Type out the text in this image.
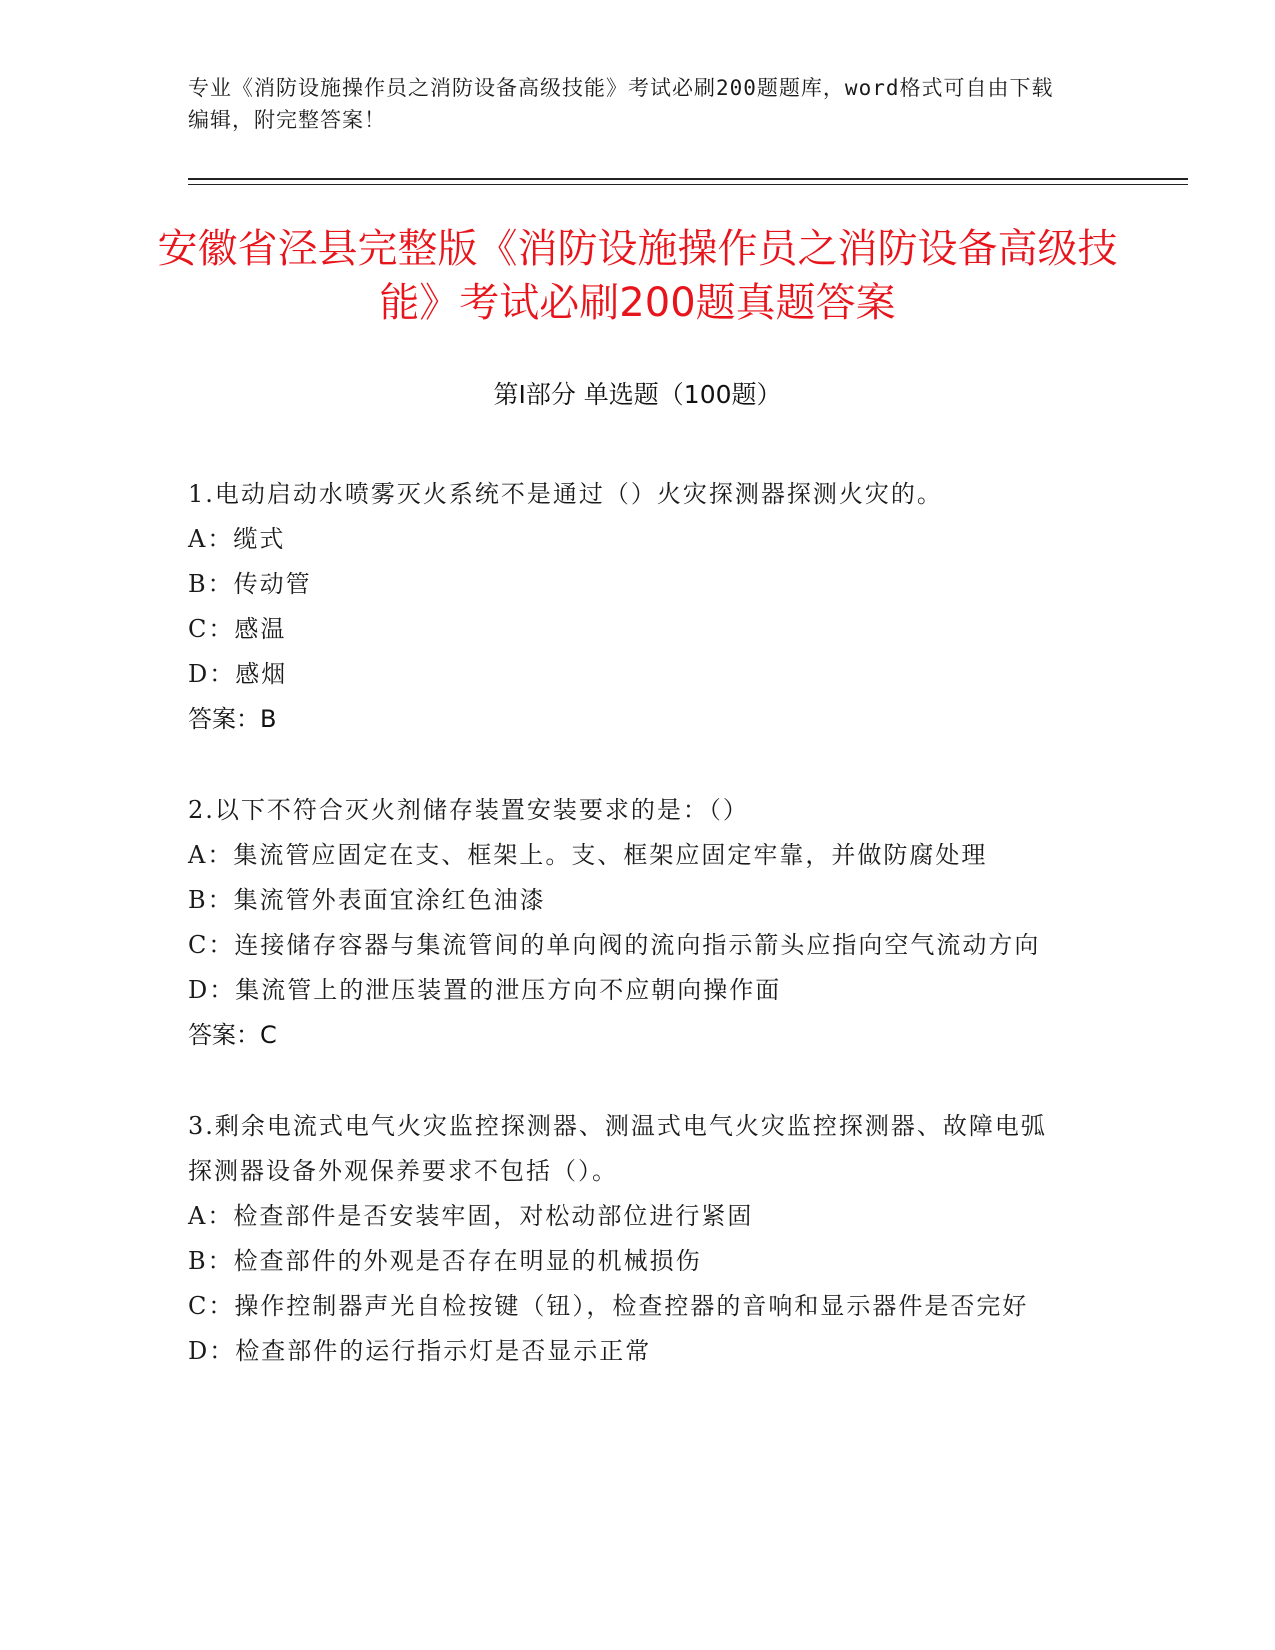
专业《消防设施操作员之消防设备高级技能》考试必刷200题题库，word格式可自由下载编辑，附完整答案！
安徽省泾县完整版《消防设施操作员之消防设备高级技能》考试必刷200题真题答案
第Ⅰ部分 单选题（100题）
1.电动启动水喷雾灭火系统不是通过（）火灾探测器探测火灾的。
A：缆式
B：传动管
C：感温
D：感烟
答案：B
2.以下不符合灭火剂储存装置安装要求的是：（）
A：集流管应固定在支、框架上。支、框架应固定牢靠，并做防腐处理
B：集流管外表面宜涂红色油漆
C：连接储存容器与集流管间的单向阀的流向指示箭头应指向空气流动方向
D：集流管上的泄压装置的泄压方向不应朝向操作面
答案：C
3.剩余电流式电气火灾监控探测器、测温式电气火灾监控探测器、故障电弧探测器设备外观保养要求不包括（）。
A：检查部件是否安装牢固，对松动部位进行紧固
B：检查部件的外观是否存在明显的机械损伤
C：操作控制器声光自检按键（钮），检查控器的音响和显示器件是否完好
D：检查部件的运行指示灯是否显示正常
